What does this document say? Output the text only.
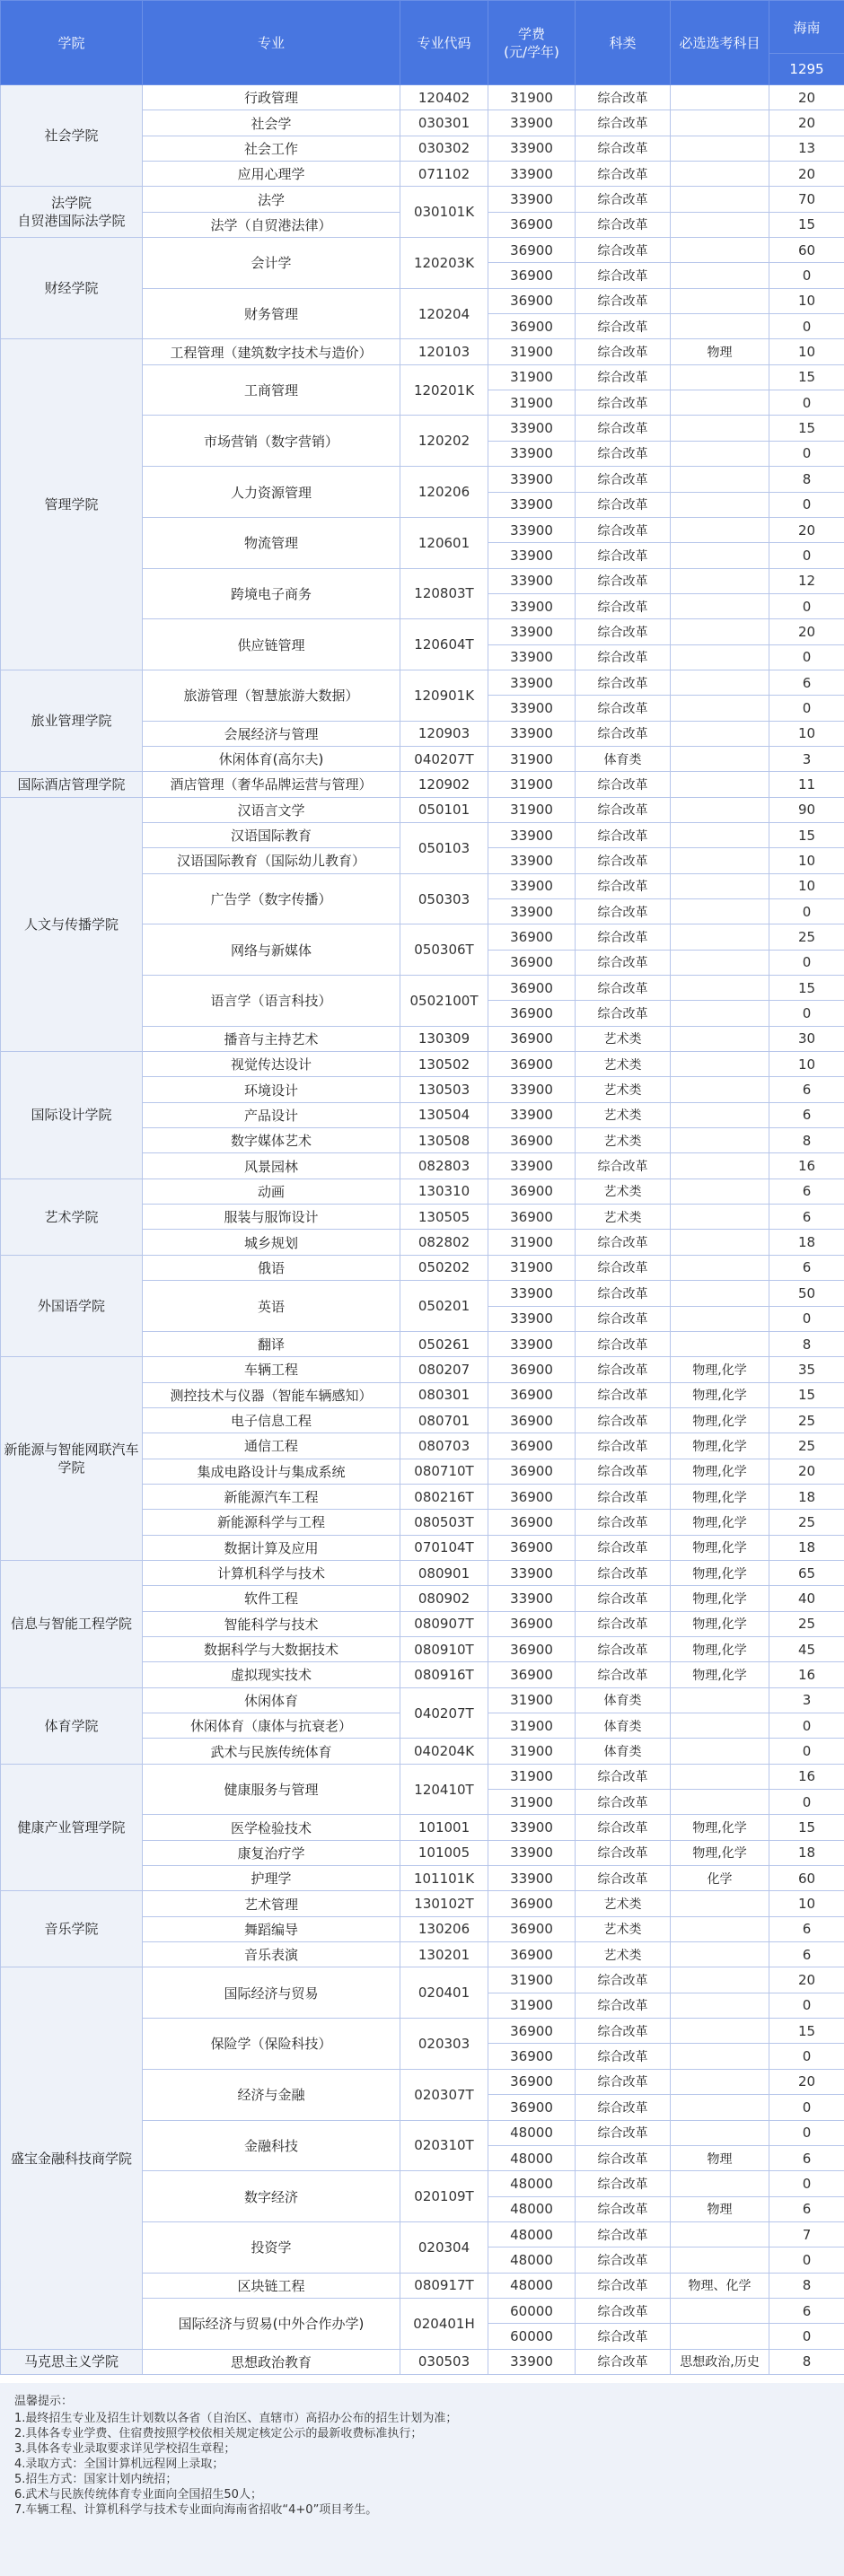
学院	专业	专业代码	学费
(元/学年)	科类	必选选考科目	海南
						1295
社会学院	行政管理	120402	31900	综合改革		20
	社会学	030301	33900	综合改革		20
	社会工作	030302	33900	综合改革		13
	应用心理学	071102	33900	综合改革		20
法学院
自贸港国际法学院	法学	030101K	33900	综合改革		70
	法学（自贸港法律）		36900	综合改革		15
财经学院	会计学	120203K	36900	综合改革		60
			36900	综合改革		0
	财务管理	120204	36900	综合改革		10
			36900	综合改革		0
管理学院	工程管理（建筑数字技术与造价）	120103	31900	综合改革	物理	10
	工商管理	120201K	31900	综合改革		15
			31900	综合改革		0
	市场营销（数字营销）	120202	33900	综合改革		15
			33900	综合改革		0
	人力资源管理	120206	33900	综合改革		8
			33900	综合改革		0
	物流管理	120601	33900	综合改革		20
			33900	综合改革		0
	跨境电子商务	120803T	33900	综合改革		12
			33900	综合改革		0
	供应链管理	120604T	33900	综合改革		20
			33900	综合改革		0
旅业管理学院	旅游管理（智慧旅游大数据）	120901K	33900	综合改革		6
			33900	综合改革		0
	会展经济与管理	120903	33900	综合改革		10
	休闲体育(高尔夫)	040207T	31900	体育类		3
国际酒店管理学院	酒店管理（奢华品牌运营与管理）	120902	31900	综合改革		11
人文与传播学院	汉语言文学	050101	31900	综合改革		90
	汉语国际教育	050103	33900	综合改革		15
	汉语国际教育（国际幼儿教育）		33900	综合改革		10
	广告学（数字传播）	050303	33900	综合改革		10
			33900	综合改革		0
	网络与新媒体	050306T	36900	综合改革		25
			36900	综合改革		0
	语言学（语言科技）	0502100T	36900	综合改革		15
			36900	综合改革		0
	播音与主持艺术	130309	36900	艺术类		30
国际设计学院	视觉传达设计	130502	36900	艺术类		10
	环境设计	130503	33900	艺术类		6
	产品设计	130504	33900	艺术类		6
	数字媒体艺术	130508	36900	艺术类		8
	风景园林	082803	33900	综合改革		16
艺术学院	动画	130310	36900	艺术类		6
	服装与服饰设计	130505	36900	艺术类		6
	城乡规划	082802	31900	综合改革		18
外国语学院	俄语	050202	31900	综合改革		6
	英语	050201	33900	综合改革		50
			33900	综合改革		0
	翻译	050261	33900	综合改革		8
新能源与智能网联汽车学院	车辆工程	080207	36900	综合改革	物理,化学	35
	测控技术与仪器（智能车辆感知）	080301	36900	综合改革	物理,化学	15
	电子信息工程	080701	36900	综合改革	物理,化学	25
	通信工程	080703	36900	综合改革	物理,化学	25
	集成电路设计与集成系统	080710T	36900	综合改革	物理,化学	20
	新能源汽车工程	080216T	36900	综合改革	物理,化学	18
	新能源科学与工程	080503T	36900	综合改革	物理,化学	25
	数据计算及应用	070104T	36900	综合改革	物理,化学	18
信息与智能工程学院	计算机科学与技术	080901	33900	综合改革	物理,化学	65
	软件工程	080902	33900	综合改革	物理,化学	40
	智能科学与技术	080907T	36900	综合改革	物理,化学	25
	数据科学与大数据技术	080910T	36900	综合改革	物理,化学	45
	虚拟现实技术	080916T	36900	综合改革	物理,化学	16
体育学院	休闲体育	040207T	31900	体育类		3
	休闲体育（康体与抗衰老）		31900	体育类		0
	武术与民族传统体育	040204K	31900	体育类		0
健康产业管理学院	健康服务与管理	120410T	31900	综合改革		16
			31900	综合改革		0
	医学检验技术	101001	33900	综合改革	物理,化学	15
	康复治疗学	101005	33900	综合改革	物理,化学	18
	护理学	101101K	33900	综合改革	化学	60
音乐学院	艺术管理	130102T	36900	艺术类		10
	舞蹈编导	130206	36900	艺术类		6
	音乐表演	130201	36900	艺术类		6
盛宝金融科技商学院	国际经济与贸易	020401	31900	综合改革		20
			31900	综合改革		0
	保险学（保险科技）	020303	36900	综合改革		15
			36900	综合改革		0
	经济与金融	020307T	36900	综合改革		20
			36900	综合改革		0
	金融科技	020310T	48000	综合改革		0
			48000	综合改革	物理	6
	数字经济	020109T	48000	综合改革		0
			48000	综合改革	物理	6
	投资学	020304	48000	综合改革		7
			48000	综合改革		0
	区块链工程	080917T	48000	综合改革	物理、化学	8
	国际经济与贸易(中外合作办学)	020401H	60000	综合改革		6
			60000	综合改革		0
马克思主义学院	思想政治教育	030503	33900	综合改革	思想政治,历史	8
温馨提示：
1.最终招生专业及招生计划数以各省（自治区、直辖市）高招办公布的招生计划为准；
2.具体各专业学费、住宿费按照学校依相关规定核定公示的最新收费标准执行；
3.具体各专业录取要求详见学校招生章程；
4.录取方式：全国计算机远程网上录取；
5.招生方式：国家计划内统招；
6.武术与民族传统体育专业面向全国招生50人；
7.车辆工程、计算机科学与技术专业面向海南省招收“4+0”项目考生。
